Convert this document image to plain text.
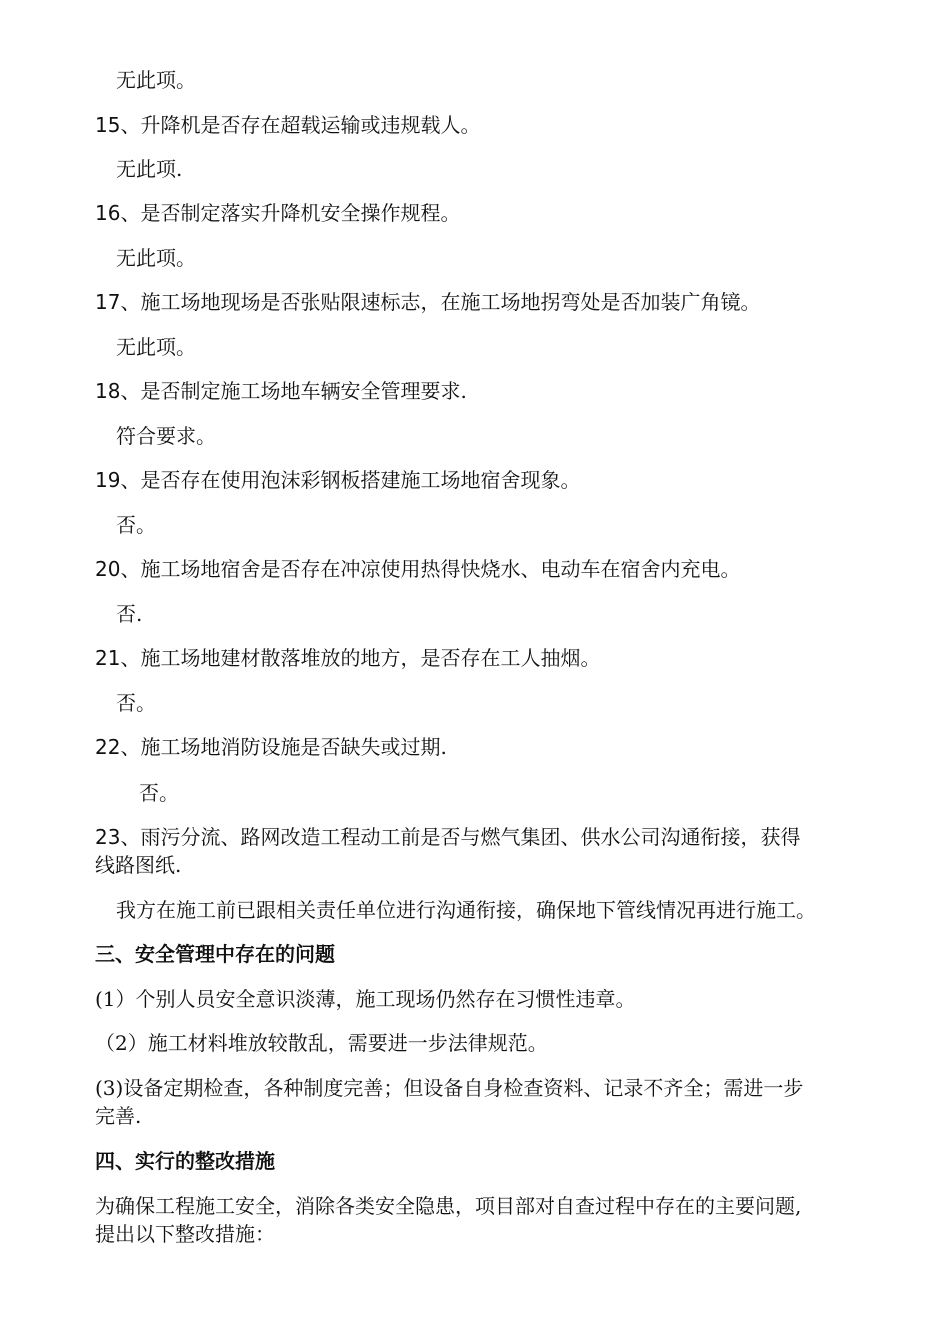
无此项。
15、升降机是否存在超载运输或违规载人。
无此项.
16、是否制定落实升降机安全操作规程。
无此项。
17、施工场地现场是否张贴限速标志，在施工场地拐弯处是否加装广角镜。
无此项。
18、是否制定施工场地车辆安全管理要求.
符合要求。
19、是否存在使用泡沫彩钢板搭建施工场地宿舍现象。
否。
20、施工场地宿舍是否存在冲凉使用热得快烧水、电动车在宿舍内充电。
否.
21、施工场地建材散落堆放的地方，是否存在工人抽烟。
否。
22、施工场地消防设施是否缺失或过期.
否。
23、雨污分流、路网改造工程动工前是否与燃气集团、供水公司沟通衔接，获得
线路图纸.
我方在施工前已跟相关责任单位进行沟通衔接，确保地下管线情况再进行施工。
三、安全管理中存在的问题
(1）个别人员安全意识淡薄，施工现场仍然存在习惯性违章。
（2）施工材料堆放较散乱，需要进一步法律规范。
(3)设备定期检查，各种制度完善；但设备自身检查资料、记录不齐全；需进一步
完善.
四、实行的整改措施
为确保工程施工安全，消除各类安全隐患，项目部对自查过程中存在的主要问题,
提出以下整改措施：
